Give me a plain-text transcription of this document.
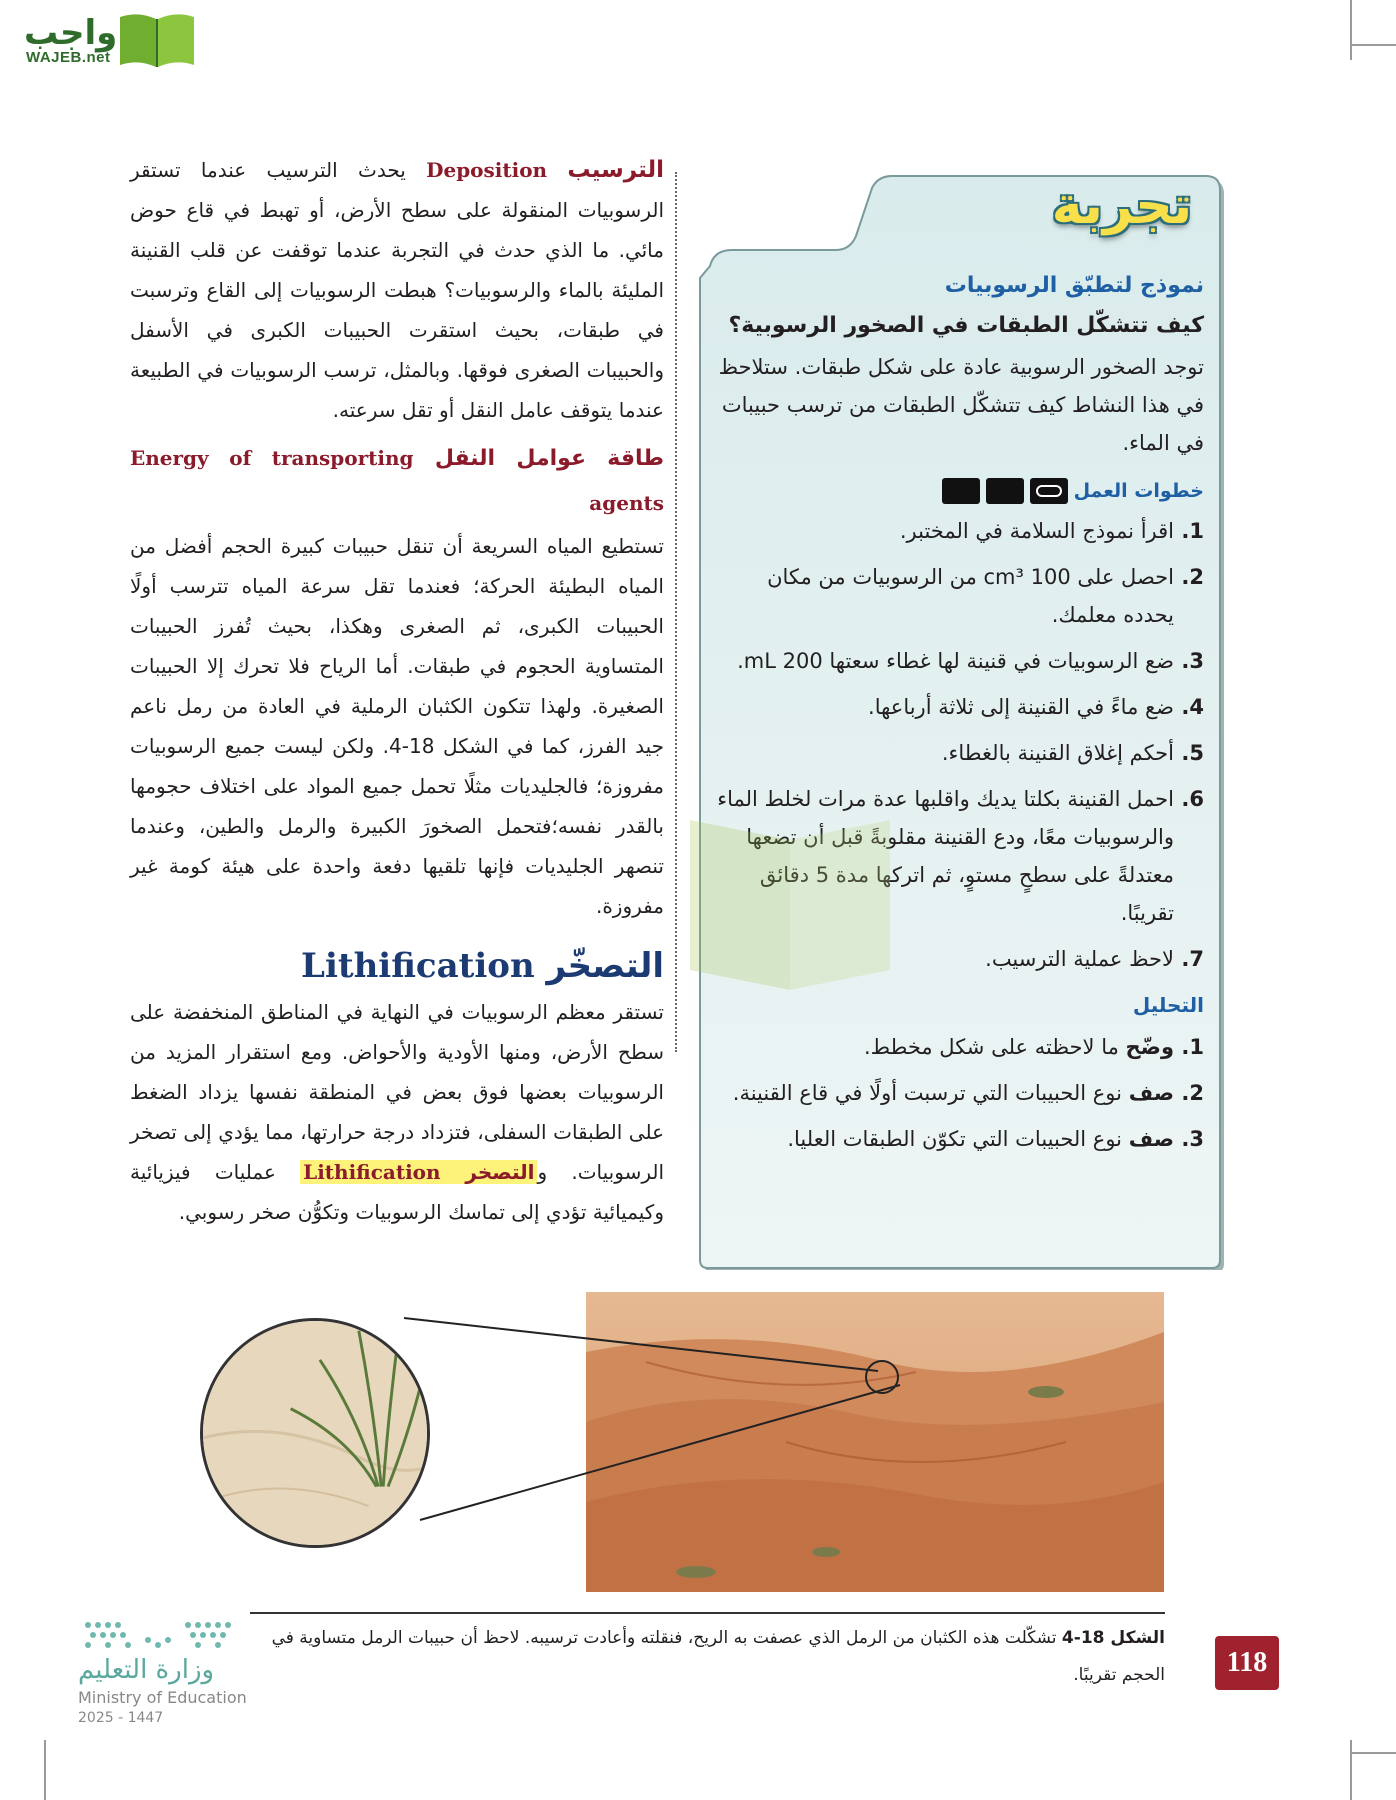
واجب
WAJEB.net

الترسيب Deposition يحدث الترسيب عندما تستقر الرسوبيات المنقولة على سطح الأرض، أو تهبط في قاع حوض مائي. ما الذي حدث في التجربة عندما توقفت عن قلب القنينة المليئة بالماء والرسوبيات؟ هبطت الرسوبيات إلى القاع وترسبت في طبقات، بحيث استقرت الحبيبات الكبرى في الأسفل والحبيبات الصغرى فوقها. وبالمثل، ترسب الرسوبيات في الطبيعة عندما يتوقف عامل النقل أو تقل سرعته.

طاقة عوامل النقل Energy of transporting agents

تستطيع المياه السريعة أن تنقل حبيبات كبيرة الحجم أفضل من المياه البطيئة الحركة؛ فعندما تقل سرعة المياه تترسب أولًا الحبيبات الكبرى، ثم الصغرى وهكذا، بحيث تُفرز الحبيبات المتساوية الحجوم في طبقات. أما الرياح فلا تحرك إلا الحبيبات الصغيرة. ولهذا تتكون الكثبان الرملية في العادة من رمل ناعم جيد الفرز، كما في الشكل 18-4. ولكن ليست جميع الرسوبيات مفروزة؛ فالجليديات مثلًا تحمل جميع المواد على اختلاف حجومها بالقدر نفسه؛فتحمل الصخورَ الكبيرة والرمل والطين، وعندما تنصهر الجليديات فإنها تلقيها دفعة واحدة على هيئة كومة غير مفروزة.

التصخّر Lithification

تستقر معظم الرسوبيات في النهاية في المناطق المنخفضة على سطح الأرض، ومنها الأودية والأحواض. ومع استقرار المزيد من الرسوبيات بعضها فوق بعض في المنطقة نفسها يزداد الضغط على الطبقات السفلى، فتزداد درجة حرارتها، مما يؤدي إلى تصخر الرسوبيات. والتصخر Lithification عمليات فيزيائية وكيميائية تؤدي إلى تماسك الرسوبيات وتكوُّن صخر رسوبي.

تجربة
نموذج لتطبّق الرسوبيات
كيف تتشكّل الطبقات في الصخور الرسوبية؟
توجد الصخور الرسوبية عادة على شكل طبقات. ستلاحظ في هذا النشاط كيف تتشكّل الطبقات من ترسب حبيبات في الماء.
خطوات العمل
1.
اقرأ نموذج السلامة في المختبر.
2.
احصل على 100 cm³ من الرسوبيات من مكان يحدده معلمك.
3.
ضع الرسوبيات في قنينة لها غطاء سعتها 200 mL.
4.
ضع ماءً في القنينة إلى ثلاثة أرباعها.
5.
أحكم إغلاق القنينة بالغطاء.
6.
احمل القنينة بكلتا يديك واقلبها عدة مرات لخلط الماء والرسوبيات معًا، ودع القنينة مقلوبةً قبل أن تضعها معتدلةً على سطحٍ مستوٍ، ثم اتركها مدة 5 دقائق تقريبًا.
7.
لاحظ عملية الترسيب.
التحليل
1.
وضّح ما لاحظته على شكل مخطط.
2.
صف نوع الحبيبات التي ترسبت أولًا في قاع القنينة.
3.
صف نوع الحبيبات التي تكوّن الطبقات العليا.
الشكل 18-4 تشكّلت هذه الكثبان من الرمل الذي عصفت به الريح، فنقلته وأعادت ترسيبه. لاحظ أن حبيبات الرمل متساوية في الحجم تقريبًا.	118
وزارة التعليم
Ministry of Education
2025 - 1447
